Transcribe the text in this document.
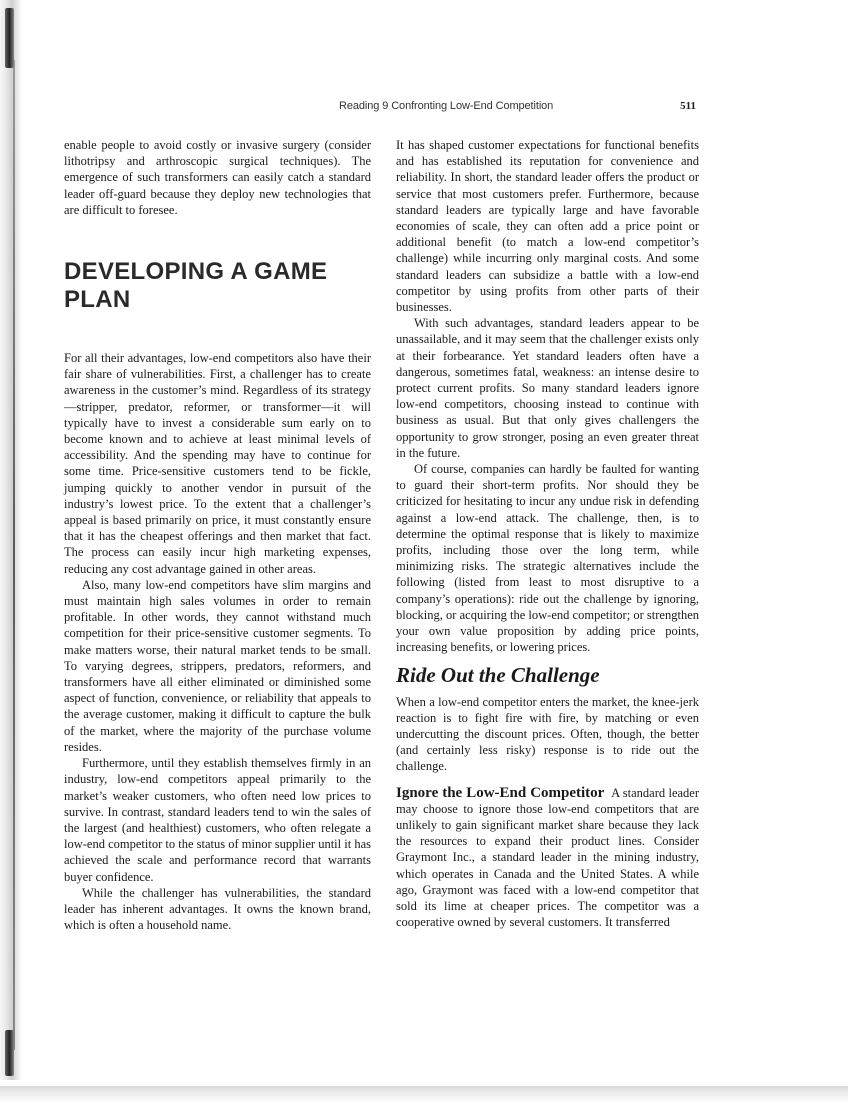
Reading 9 Confronting Low-End Competition	511

enable people to avoid costly or invasive surgery (consider lithotripsy and arthroscopic surgical techniques). The emergence of such transformers can easily catch a standard leader off-guard because they deploy new technologies that are difficult to foresee.

DEVELOPING A GAME PLAN

For all their advantages, low-end competitors also have their fair share of vulnerabilities. First, a challenger has to create awareness in the customer’s mind. Regardless of its strategy—stripper, predator, reformer, or transformer—it will typically have to invest a considerable sum early on to become known and to achieve at least minimal levels of accessibility. And the spending may have to continue for some time. Price-sensitive customers tend to be fickle, jumping quickly to another vendor in pursuit of the industry’s lowest price. To the extent that a challenger’s appeal is based primarily on price, it must constantly ensure that it has the cheapest offerings and then market that fact. The process can easily incur high marketing expenses, reducing any cost advantage gained in other areas.

Also, many low-end competitors have slim margins and must maintain high sales volumes in order to remain profitable. In other words, they cannot withstand much competition for their price-sensitive customer segments. To make matters worse, their natural market tends to be small. To varying degrees, strippers, predators, reformers, and transformers have all either eliminated or diminished some aspect of function, convenience, or reliability that appeals to the average customer, making it difficult to capture the bulk of the market, where the majority of the purchase volume resides.

Furthermore, until they establish themselves firmly in an industry, low-end competitors appeal primarily to the market’s weaker customers, who often need low prices to survive. In contrast, standard leaders tend to win the sales of the largest (and healthiest) customers, who often relegate a low-end competitor to the status of minor supplier until it has achieved the scale and performance record that warrants buyer confidence.

While the challenger has vulnerabilities, the standard leader has inherent advantages. It owns the known brand, which is often a household name.

It has shaped customer expectations for functional benefits and has established its reputation for convenience and reliability. In short, the standard leader offers the product or service that most customers prefer. Furthermore, because standard leaders are typically large and have favorable economies of scale, they can often add a price point or additional benefit (to match a low-end competitor’s challenge) while incurring only marginal costs. And some standard leaders can subsidize a battle with a low-end competitor by using profits from other parts of their businesses.

With such advantages, standard leaders appear to be unassailable, and it may seem that the challenger exists only at their forbearance. Yet standard leaders often have a dangerous, sometimes fatal, weakness: an intense desire to protect current profits. So many standard leaders ignore low-end competitors, choosing instead to continue with business as usual. But that only gives challengers the opportunity to grow stronger, posing an even greater threat in the future.

Of course, companies can hardly be faulted for wanting to guard their short-term profits. Nor should they be criticized for hesitating to incur any undue risk in defending against a low-end attack. The challenge, then, is to determine the optimal response that is likely to maximize profits, including those over the long term, while minimizing risks. The strategic alternatives include the following (listed from least to most disruptive to a company’s operations): ride out the challenge by ignoring, blocking, or acquiring the low-end competitor; or strengthen your own value proposition by adding price points, increasing benefits, or lowering prices.

Ride Out the Challenge

When a low-end competitor enters the market, the knee-jerk reaction is to fight fire with fire, by matching or even undercutting the discount prices. Often, though, the better (and certainly less risky) response is to ride out the challenge.

Ignore the Low-End Competitor A standard leader may choose to ignore those low-end competitors that are unlikely to gain significant market share because they lack the resources to expand their product lines. Consider Graymont Inc., a standard leader in the mining industry, which operates in Canada and the United States. A while ago, Graymont was faced with a low-end competitor that sold its lime at cheaper prices. The competitor was a cooperative owned by several customers. It transferred
